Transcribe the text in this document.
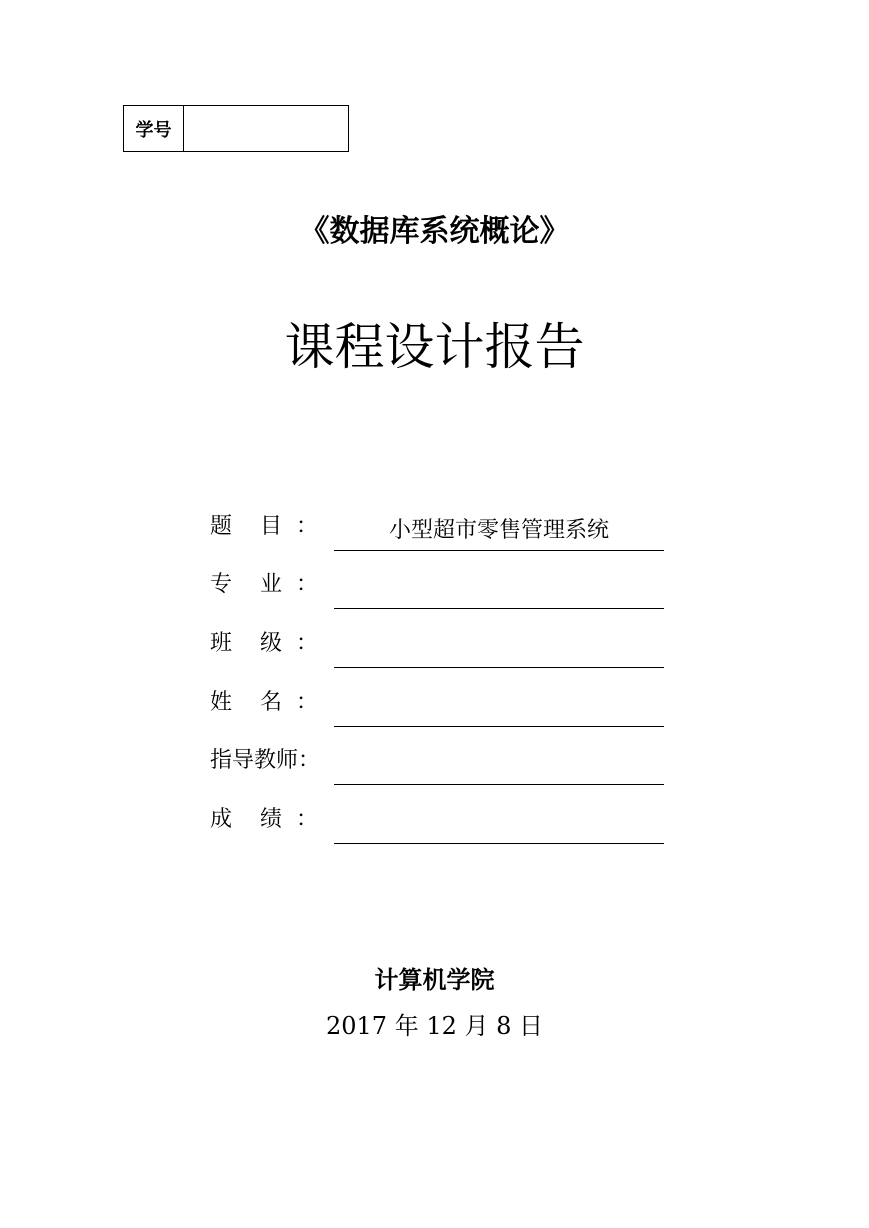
学号
《数据库系统概论》
课程设计报告
题    目  ：	小型超市零售管理系统
专    业  ：
班    级  ：
姓    名  ：
指导教师：
成    绩  ：
计算机学院
2017 年 12 月 8 日
